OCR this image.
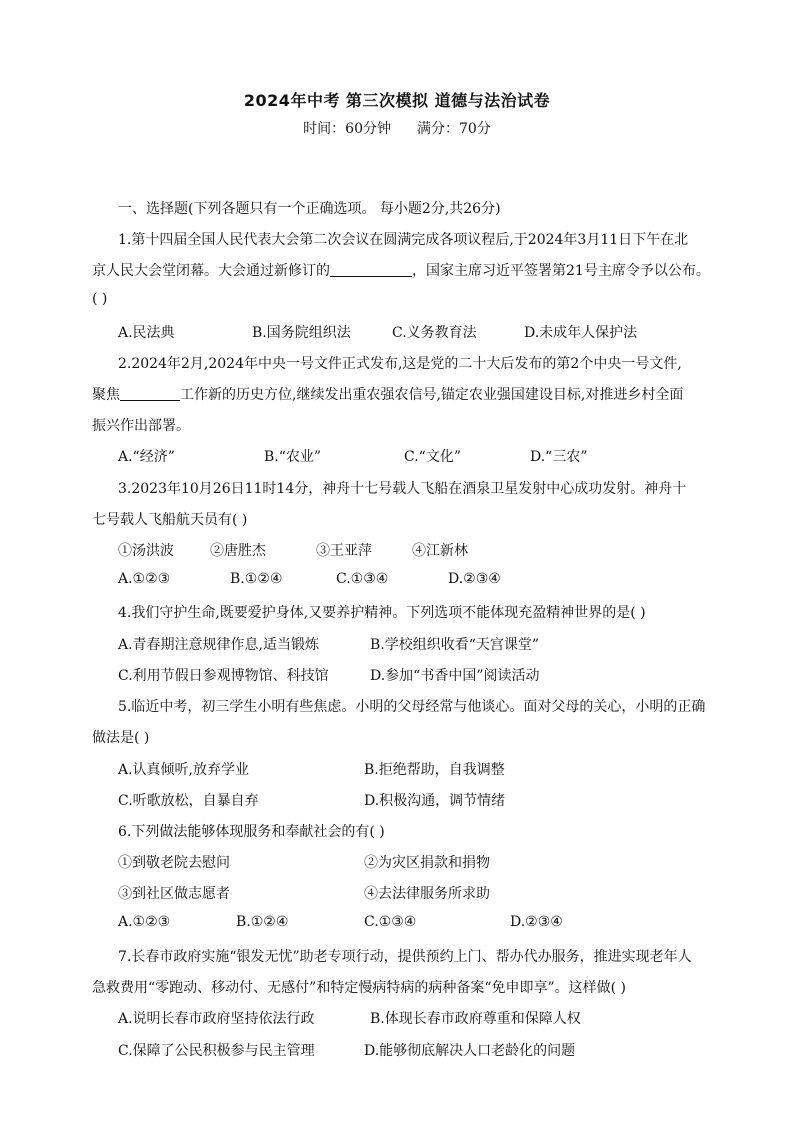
2024年中考 第三次模拟 道德与法治试卷
时间：60分钟 满分：70分
一、选择题(下列各题只有一个正确选项。 每小题2分,共26分)
1.第十四届全国人民代表大会第二次会议在圆满完成各项议程后,于2024年3月11日下午在北
京人民大会堂闭幕。大会通过新修订的	，国家主席习近平签署第21号主席令予以公布。
( )
A.民法典	B.国务院组织法	C.义务教育法	D.未成年人保护法
2.2024年2月,2024年中央一号文件正式发布,这是党的二十大后发布的第2个中央一号文件,
聚焦	工作新的历史方位,继续发出重农强农信号,锚定农业强国建设目标,对推进乡村全面
振兴作出部署。
A.“经济”	B.“农业”	C.“文化”	D.“三农”
3.2023年10月26日11时14分，神舟十七号载人飞船在酒泉卫星发射中心成功发射。神舟十
七号载人飞船航天员有( )
①汤洪波	②唐胜杰	③王亚萍	④江新林
A.①②③	B.①②④	C.①③④	D.②③④
4.我们守护生命,既要爱护身体,又要养护精神。下列选项不能体现充盈精神世界的是( )
A.青春期注意规律作息,适当锻炼	B.学校组织收看“天宫课堂”
C.利用节假日参观博物馆、科技馆	D.参加“书香中国”阅读活动
5.临近中考，初三学生小明有些焦虑。小明的父母经常与他谈心。面对父母的关心，小明的正确
做法是( )
A.认真倾听,放弃学业	B.拒绝帮助，自我调整
C.听歌放松，自暴自弃	D.积极沟通，调节情绪
6.下列做法能够体现服务和奉献社会的有( )
①到敬老院去慰问	②为灾区捐款和捐物
③到社区做志愿者	④去法律服务所求助
A.①②③	B.①②④	C.①③④	D.②③④
7.长春市政府实施“银发无忧”助老专项行动，提供预约上门、帮办代办服务，推进实现老年人
急救费用“零跑动、移动付、无感付”和特定慢病特病的病种备案“免申即享”。这样做( )
A.说明长春市政府坚持依法行政	B.体现长春市政府尊重和保障人权
C.保障了公民积极参与民主管理	D.能够彻底解决人口老龄化的问题
